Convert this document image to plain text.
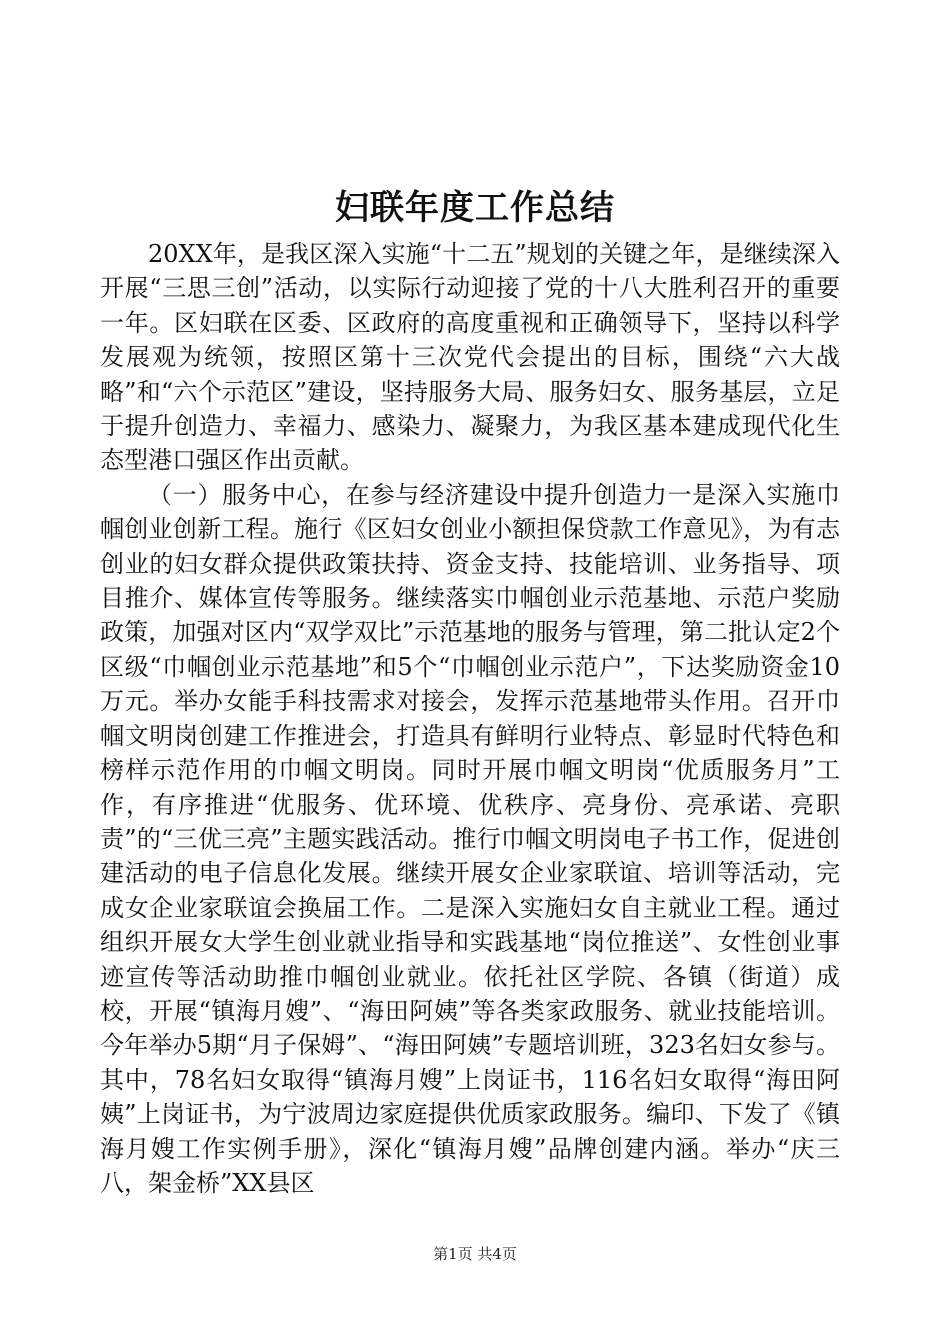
妇联年度工作总结

20XX年，是我区深入实施“十二五”规划的关键之年，是继续深入开展“三思三创”活动，以实际行动迎接了党的十八大胜利召开的重要一年。区妇联在区委、区政府的高度重视和正确领导下，坚持以科学发展观为统领，按照区第十三次党代会提出的目标，围绕“六大战略”和“六个示范区”建设，坚持服务大局、服务妇女、服务基层，立足于提升创造力、幸福力、感染力、凝聚力，为我区基本建成现代化生态型港口强区作出贡献。

（一）服务中心，在参与经济建设中提升创造力一是深入实施巾帼创业创新工程。施行《区妇女创业小额担保贷款工作意见》，为有志创业的妇女群众提供政策扶持、资金支持、技能培训、业务指导、项目推介、媒体宣传等服务。继续落实巾帼创业示范基地、示范户奖励政策，加强对区内“双学双比”示范基地的服务与管理，第二批认定2个区级“巾帼创业示范基地”和5个“巾帼创业示范户”，下达奖励资金10万元。举办女能手科技需求对接会，发挥示范基地带头作用。召开巾帼文明岗创建工作推进会，打造具有鲜明行业特点、彰显时代特色和榜样示范作用的巾帼文明岗。同时开展巾帼文明岗“优质服务月”工作，有序推进“优服务、优环境、优秩序、亮身份、亮承诺、亮职责”的“三优三亮”主题实践活动。推行巾帼文明岗电子书工作，促进创建活动的电子信息化发展。继续开展女企业家联谊、培训等活动，完成女企业家联谊会换届工作。二是深入实施妇女自主就业工程。通过组织开展女大学生创业就业指导和实践基地“岗位推送”、女性创业事迹宣传等活动助推巾帼创业就业。依托社区学院、各镇（街道）成校，开展“镇海月嫂”、“海田阿姨”等各类家政服务、就业技能培训。今年举办5期“月子保姆”、“海田阿姨”专题培训班，323名妇女参与。其中，78名妇女取得“镇海月嫂”上岗证书，116名妇女取得“海田阿姨”上岗证书，为宁波周边家庭提供优质家政服务。编印、下发了《镇海月嫂工作实例手册》，深化“镇海月嫂”品牌创建内涵。举办“庆三八，架金桥”XX县区

第1页 共4页
